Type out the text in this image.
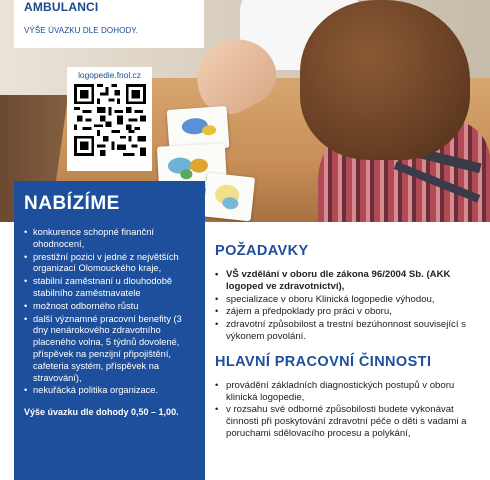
AMBULANCI
VÝŠE ÚVAZKU DLE DOHODY.
logopedie.fnol.cz
NABÍZÍME
• konkurence schopné finanční ohodnocení,
• prestižní pozici v jedné z největších organizací Olomouckého kraje,
• stabilní zaměstnaní u dlouhodobě stabilního zaměstnavatele
• možnost odborného růstu
• další významné pracovní benefity (3 dny nenárokového zdravotního placeného volna, 5 týdnů dovolené, příspěvek na penzijní připojištění, cafeteria systém, příspěvek na stravování),
• nekuřácká politika organizace.
Výše úvazku dle dohody 0,50 – 1,00.
POŽADAVKY
• VŠ vzdělání v oboru dle zákona 96/2004 Sb. (AKK logoped ve zdravotnictví),
• specializace v oboru Klinická logopedie výhodou,
• zájem a předpoklady pro práci v oboru,
• zdravotní způsobilost a trestní bezúhonnost související s výkonem povolání.
HLAVNÍ PRACOVNÍ ČINNOSTI
• provádění základních diagnostických postupů v oboru klinická logopedie,
• v rozsahu své odborné způsobilosti budete vykonávat činnosti při poskytování zdravotní péče o děti s vadami a poruchami sdělovacího procesu a polykání,
